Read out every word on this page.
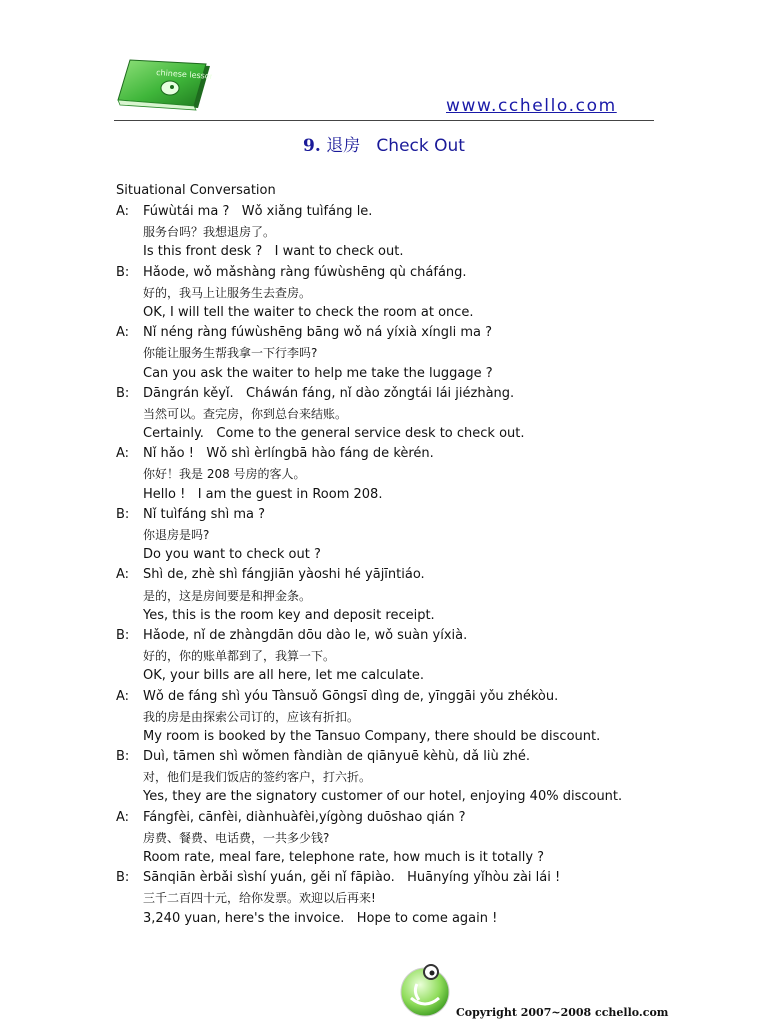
chinese lesson
www.cchello.com
9. 退房 Check Out
Situational Conversation
A:	Fúwùtái ma ?   Wǒ xiǎng tuìfáng le.
服务台吗？我想退房了。
Is this front desk ?   I want to check out.
B:	Hǎode, wǒ mǎshàng ràng fúwùshēng qù cháfáng.
好的，我马上让服务生去查房。
OK, I will tell the waiter to check the room at once.
A:	Nǐ néng ràng fúwùshēng bāng wǒ ná yíxià xíngli ma ?
你能让服务生帮我拿一下行李吗?
Can you ask the waiter to help me take the luggage ?
B:	Dāngrán kěyǐ.   Cháwán fáng, nǐ dào zǒngtái lái jiézhàng.
当然可以。查完房，你到总台来结账。
Certainly.   Come to the general service desk to check out.
A:	Nǐ hǎo !   Wǒ shì èrlíngbā hào fáng de kèrén.
你好！我是 208 号房的客人。
Hello !   I am the guest in Room 208.
B:	Nǐ tuìfáng shì ma ?
你退房是吗?
Do you want to check out ?
A:	Shì de, zhè shì fángjiān yàoshi hé yājīntiáo.
是的，这是房间要是和押金条。
Yes, this is the room key and deposit receipt.
B:	Hǎode, nǐ de zhàngdān dōu dào le, wǒ suàn yíxià.
好的，你的账单都到了，我算一下。
OK, your bills are all here, let me calculate.
A:	Wǒ de fáng shì yóu Tànsuǒ Gōngsī dìng de, yīnggāi yǒu zhékòu.
我的房是由探索公司订的，应该有折扣。
My room is booked by the Tansuo Company, there should be discount.
B:	Duì, tāmen shì wǒmen fàndiàn de qiānyuē kèhù, dǎ liù zhé.
对，他们是我们饭店的签约客户，打六折。
Yes, they are the signatory customer of our hotel, enjoying 40% discount.
A:	Fángfèi, cānfèi, diànhuàfèi,yígòng duōshao qián ?
房费、餐费、电话费，一共多少钱?
Room rate, meal fare, telephone rate, how much is it totally ?
B:	Sānqiān èrbǎi sìshí yuán, gěi nǐ fāpiào.   Huānyíng yǐhòu zài lái !
三千二百四十元，给你发票。欢迎以后再来!
3,240 yuan, here's the invoice.   Hope to come again !
Copyright 2007~2008 cchello.com
